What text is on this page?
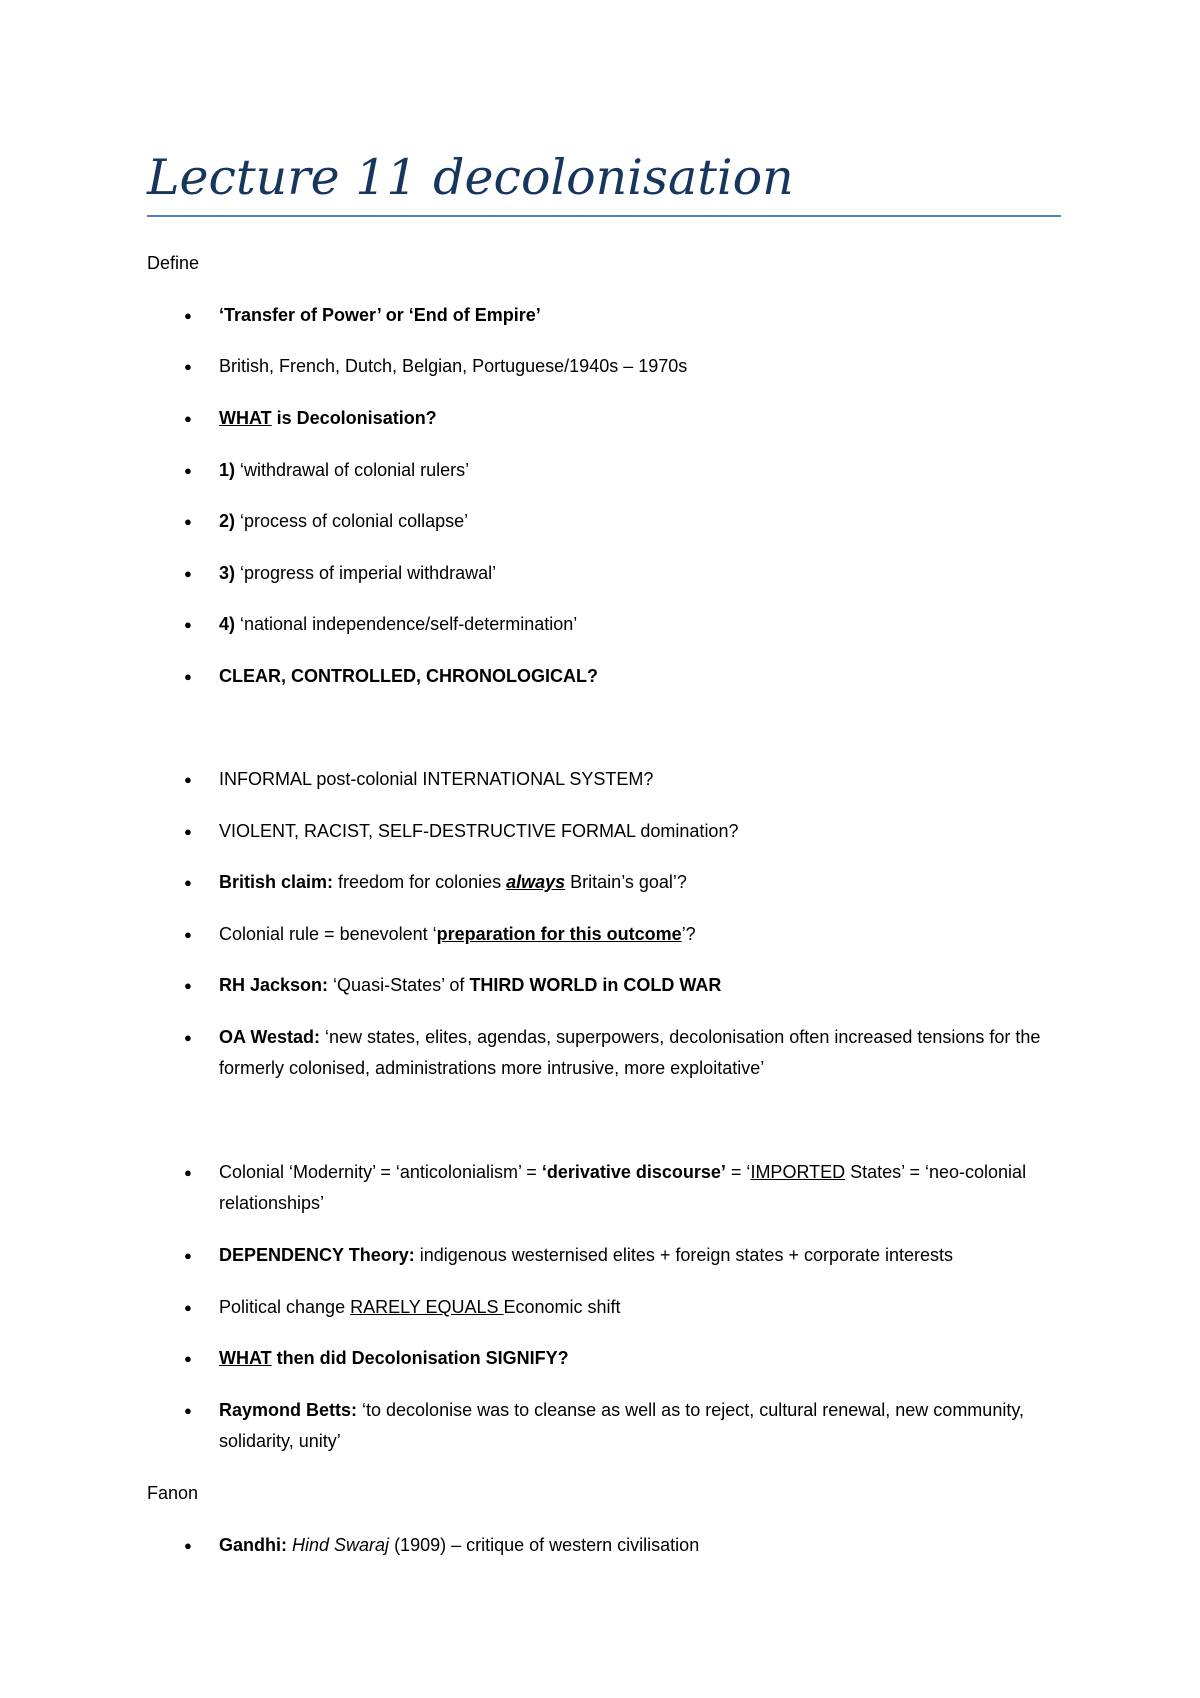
Lecture 11 decolonisation
Define
● ‘Transfer of Power’ or ‘End of Empire’
● British, French, Dutch, Belgian, Portuguese/1940s – 1970s
● WHAT is Decolonisation?
● 1) ‘withdrawal of colonial rulers’
● 2) ‘process of colonial collapse’
● 3) ‘progress of imperial withdrawal’
● 4) ‘national independence/self-determination’
● CLEAR, CONTROLLED, CHRONOLOGICAL?
● INFORMAL post-colonial INTERNATIONAL SYSTEM?
● VIOLENT, RACIST, SELF-DESTRUCTIVE FORMAL domination?
● British claim: freedom for colonies always Britain’s goal’?
● Colonial rule = benevolent ‘preparation for this outcome’?
● RH Jackson: ‘Quasi-States’ of THIRD WORLD in COLD WAR
● OA Westad: ‘new states, elites, agendas, superpowers, decolonisation often increased tensions for the formerly colonised, administrations more intrusive, more exploitative’
● Colonial ‘Modernity’ = ‘anticolonialism’ = ‘derivative discourse’ = ‘IMPORTED States’ = ‘neo-colonial relationships’
● DEPENDENCY Theory: indigenous westernised elites + foreign states + corporate interests
● Political change RARELY EQUALS Economic shift
● WHAT then did Decolonisation SIGNIFY?
● Raymond Betts: ‘to decolonise was to cleanse as well as to reject, cultural renewal, new community, solidarity, unity’
Fanon
● Gandhi: Hind Swaraj (1909) – critique of western civilisation
